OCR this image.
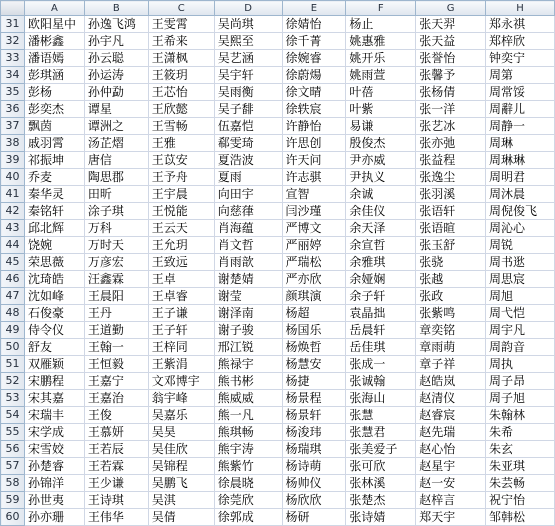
	A	B	C	D	E	F	G	H
31	欧阳星中	孙逸飞鸿	王雯霄	吴尚琪	徐婧怡	杨止	张天羿	郑永祺
32	潘彬鑫	孙宇凡	王希来	吴熙至	徐千菁	姚惠雅	张天益	郑梓欣
33	潘语嫣	孙云聪	王潇枫	吴艺涵	徐婉睿	姚开乐	张誉怡	钟奕宁
34	彭琪涵	孙运涛	王筱玥	吴宇轩	徐蔚煬	姚雨萱	张馨予	周第
35	彭杨	孙仲勐	王芯怡	吴雨衡	徐文晴	叶蓓	张杨倩	周常馁
36	彭奕杰	谭星	王欣懿	吴子馡	徐轶宸	叶紫	张一洋	周辭儿
37	飘茵	谭洲之	王雪畅	伍嘉恺	许静怡	易谦	张艺冰	周静一
38	戚羽霄	汤芷熠	王雅	郗雯琦	许思创	殷俊杰	张亦弛	周琳
39	祁振坤	唐信	王苡安	夏浩波	许天问	尹亦威	张益程	周琳琳
40	乔麦	陶思郡	王予舟	夏雨	许志骐	尹执义	张逸尘	周明君
41	秦华灵	田昕	王宇晨	向田宇	宣智	余诚	张羽溪	周沐晨
42	秦铭轩	涂子琪	王悦能	向慈葎	闫沙瑾	余佳仪	张语轩	周倪俊飞
43	邱北辉	万科	王云天	肖海蕴	严博文	余天泽	张语暄	周沁心
44	饶婉	万时天	王允玥	肖文哲	严丽婷	余宣哲	张玉舒	周锐
45	荣思薇	万彦宏	王致远	肖雨歆	严瑞松	余雅琪	张骁	周书逖
46	沈琦皓	汪鑫霖	王卓	谢楚婧	严亦欣	余娅娴	张越	周思宸
47	沈如峰	王晨阳	王卓睿	谢莹	颜琪演	余子轩	张政	周旭
48	石俊豪	王丹	王子谦	谢泽南	杨超	袁晶拙	张紫鸣	周弋恺
49	侍令仪	王道勤	王子轩	谢子骏	杨国乐	岳晨轩	章奕铭	周宇凡
50	舒友	王翰一	王梓同	邢江锐	杨焕哲	岳佳琪	章雨萌	周韵音
51	双雁颖	王恒毅	王紫涓	熊禄宇	杨慧安	张成一	章子祥	周执
52	宋鹏程	王嘉宁	文邓博宇	熊书彬	杨捷	张诚翰	赵皓岚	周子昂
53	宋其嘉	王嘉治	翁宇峰	熊威威	杨景程	张海山	赵清仪	周子旭
54	宋瑞丰	王俊	吴嘉乐	熊一凡	杨景轩	张慧	赵睿宸	朱翰林
55	宋学成	王慕妍	吴昊	熊琪畅	杨浚玮	张慧君	赵先瑞	朱希
56	宋雪姣	王若辰	吴佳欣	熊宇涛	杨瑞琪	张美爱子	赵心怡	朱玄
57	孙楚睿	王若霖	吴锦程	熊紫竹	杨诗萌	张可欣	赵星宇	朱亚琪
58	孙锦洋	王少谦	吴鹏飞	徐晨晓	杨帅仪	张林溪	赵一安	朱芸畅
59	孙世夷	王诗琪	吴淇	徐莞欣	杨欣欣	张楚杰	赵梓言	祝宁怡
60	孙亦珊	王伟华	吴倩	徐郭成	杨研	张诗婧	郑天宇	邹韩松
